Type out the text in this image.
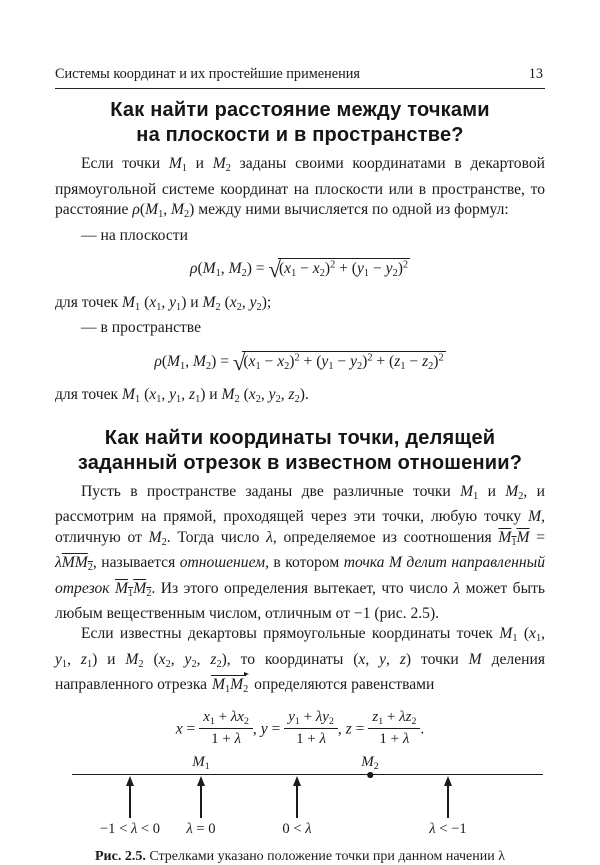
Системы координат и их простейшие применения	13
Как найти расстояние между точками
на плоскости и в пространстве?

Если точки M1 и M2 заданы своими координатами в декартовой прямоугольной системе координат на плоскости или в пространстве, то расстояние ρ(M1, M2) между ними вычисляется по одной из формул:

— на плоскости

ρ(M1, $M2) = √(x1 - x2)^2 + (y1 - y2)^2$

для точек M1 (x1, y1) и M2 (x2, y2);

— в пространстве

ρ(M1, $M2) = √(x1 - x2)^2 + (y1 - y2)^2 + (z1 - z2)^2$

для точек M1 (x1, y1, z1) и M2 (x2, y2, z2).

Как найти координаты точки, делящей
заданный отрезок в известном отношении?

Пусть в пространстве заданы две различные точки M1 и M2, и рассмотрим на прямой, проходящей через эти точки, любую точку M, отличную от M2. Тогда число λ, определяемое из соотношения M1M = λMM2, называется отношением, в котором точка M делит направленный отрезок M1M2. Из этого определения вытекает, что число λ может быть любым вещественным числом, отличным от −1 (рис. 2.5).

Если известны декартовы прямоугольные координаты точек M1 (x1, y1, z1) и M2 (x2, y2, z2), то координаты (x, y, z) точки M деления направленного отрезка M1M2 определяются равенствами

$x = \frac{x1 + \lambda x2}{1 + \lambda}$ , $y = \frac{y1 + \lambda y2}{1 + \lambda}$ , $z = \frac{z1 + \lambda z2}{1 + \lambda}$ .
M1	M2
−1 < λ < 0 λ = 0	0 < λ	λ < −1

Рис. 2.5. Стрелками указано положение точки при данном начении λ
